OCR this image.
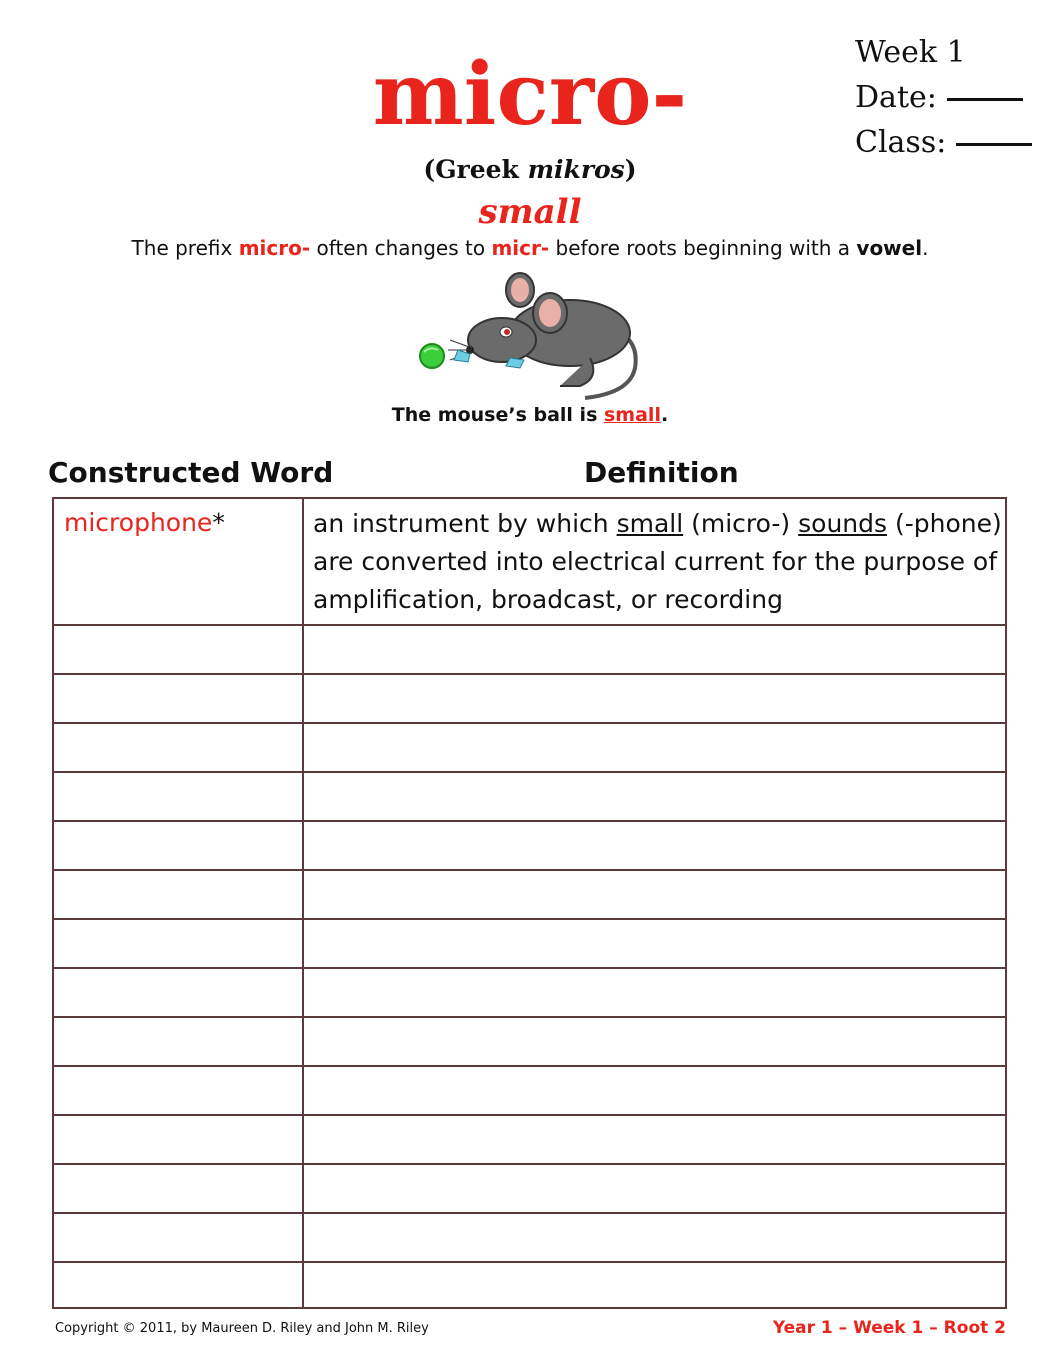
Week
1
Date:
Class:
micro-
(Greek mikros)
small
The prefix micro- often changes to micr- before roots beginning with a vowel.
The mouse’s ball is small.
Constructed Word	Definition
microphone*	an instrument by which small (micro-) sounds (-phone) are converted into electrical current for the purpose of amplification, broadcast, or recording
Copyright © 2011, by Maureen D. Riley and John M. Riley	Year 1 – Week 1 – Root 2
